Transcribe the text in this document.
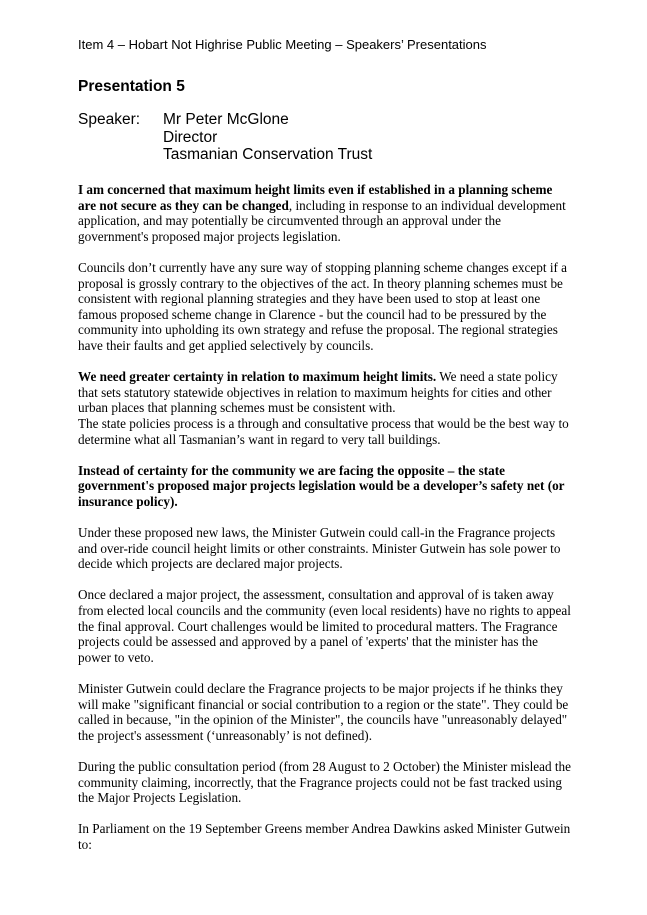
Item 4 – Hobart Not Highrise Public Meeting – Speakers’ Presentations
Presentation 5
Speaker: Mr Peter McGlone
Director
Tasmanian Conservation Trust

I am concerned that maximum height limits even if established in a planning scheme are not secure as they can be changed, including in response to an individual development application, and may potentially be circumvented through an approval under the government's proposed major projects legislation.

Councils don’t currently have any sure way of stopping planning scheme changes except if a proposal is grossly contrary to the objectives of the act. In theory planning schemes must be consistent with regional planning strategies and they have been used to stop at least one famous proposed scheme change in Clarence - but the council had to be pressured by the community into upholding its own strategy and refuse the proposal. The regional strategies have their faults and get applied selectively by councils.

We need greater certainty in relation to maximum height limits. We need a state policy that sets statutory statewide objectives in relation to maximum heights for cities and other urban places that planning schemes must be consistent with.

The state policies process is a through and consultative process that would be the best way to determine what all Tasmanian’s want in regard to very tall buildings.

Instead of certainty for the community we are facing the opposite – the state government's proposed major projects legislation would be a developer’s safety net (or insurance policy).

Under these proposed new laws, the Minister Gutwein could call-in the Fragrance projects and over-ride council height limits or other constraints. Minister Gutwein has sole power to decide which projects are declared major projects.

Once declared a major project, the assessment, consultation and approval of is taken away from elected local councils and the community (even local residents) have no rights to appeal the final approval. Court challenges would be limited to procedural matters. The Fragrance projects could be assessed and approved by a panel of 'experts' that the minister has the power to veto.

Minister Gutwein could declare the Fragrance projects to be major projects if he thinks they will make "significant financial or social contribution to a region or the state". They could be called in because, "in the opinion of the Minister", the councils have "unreasonably delayed" the project's assessment (‘unreasonably’ is not defined).

During the public consultation period (from 28 August to 2 October) the Minister mislead the community claiming, incorrectly, that the Fragrance projects could not be fast tracked using the Major Projects Legislation.

In Parliament on the 19 September Greens member Andrea Dawkins asked Minister Gutwein to:
